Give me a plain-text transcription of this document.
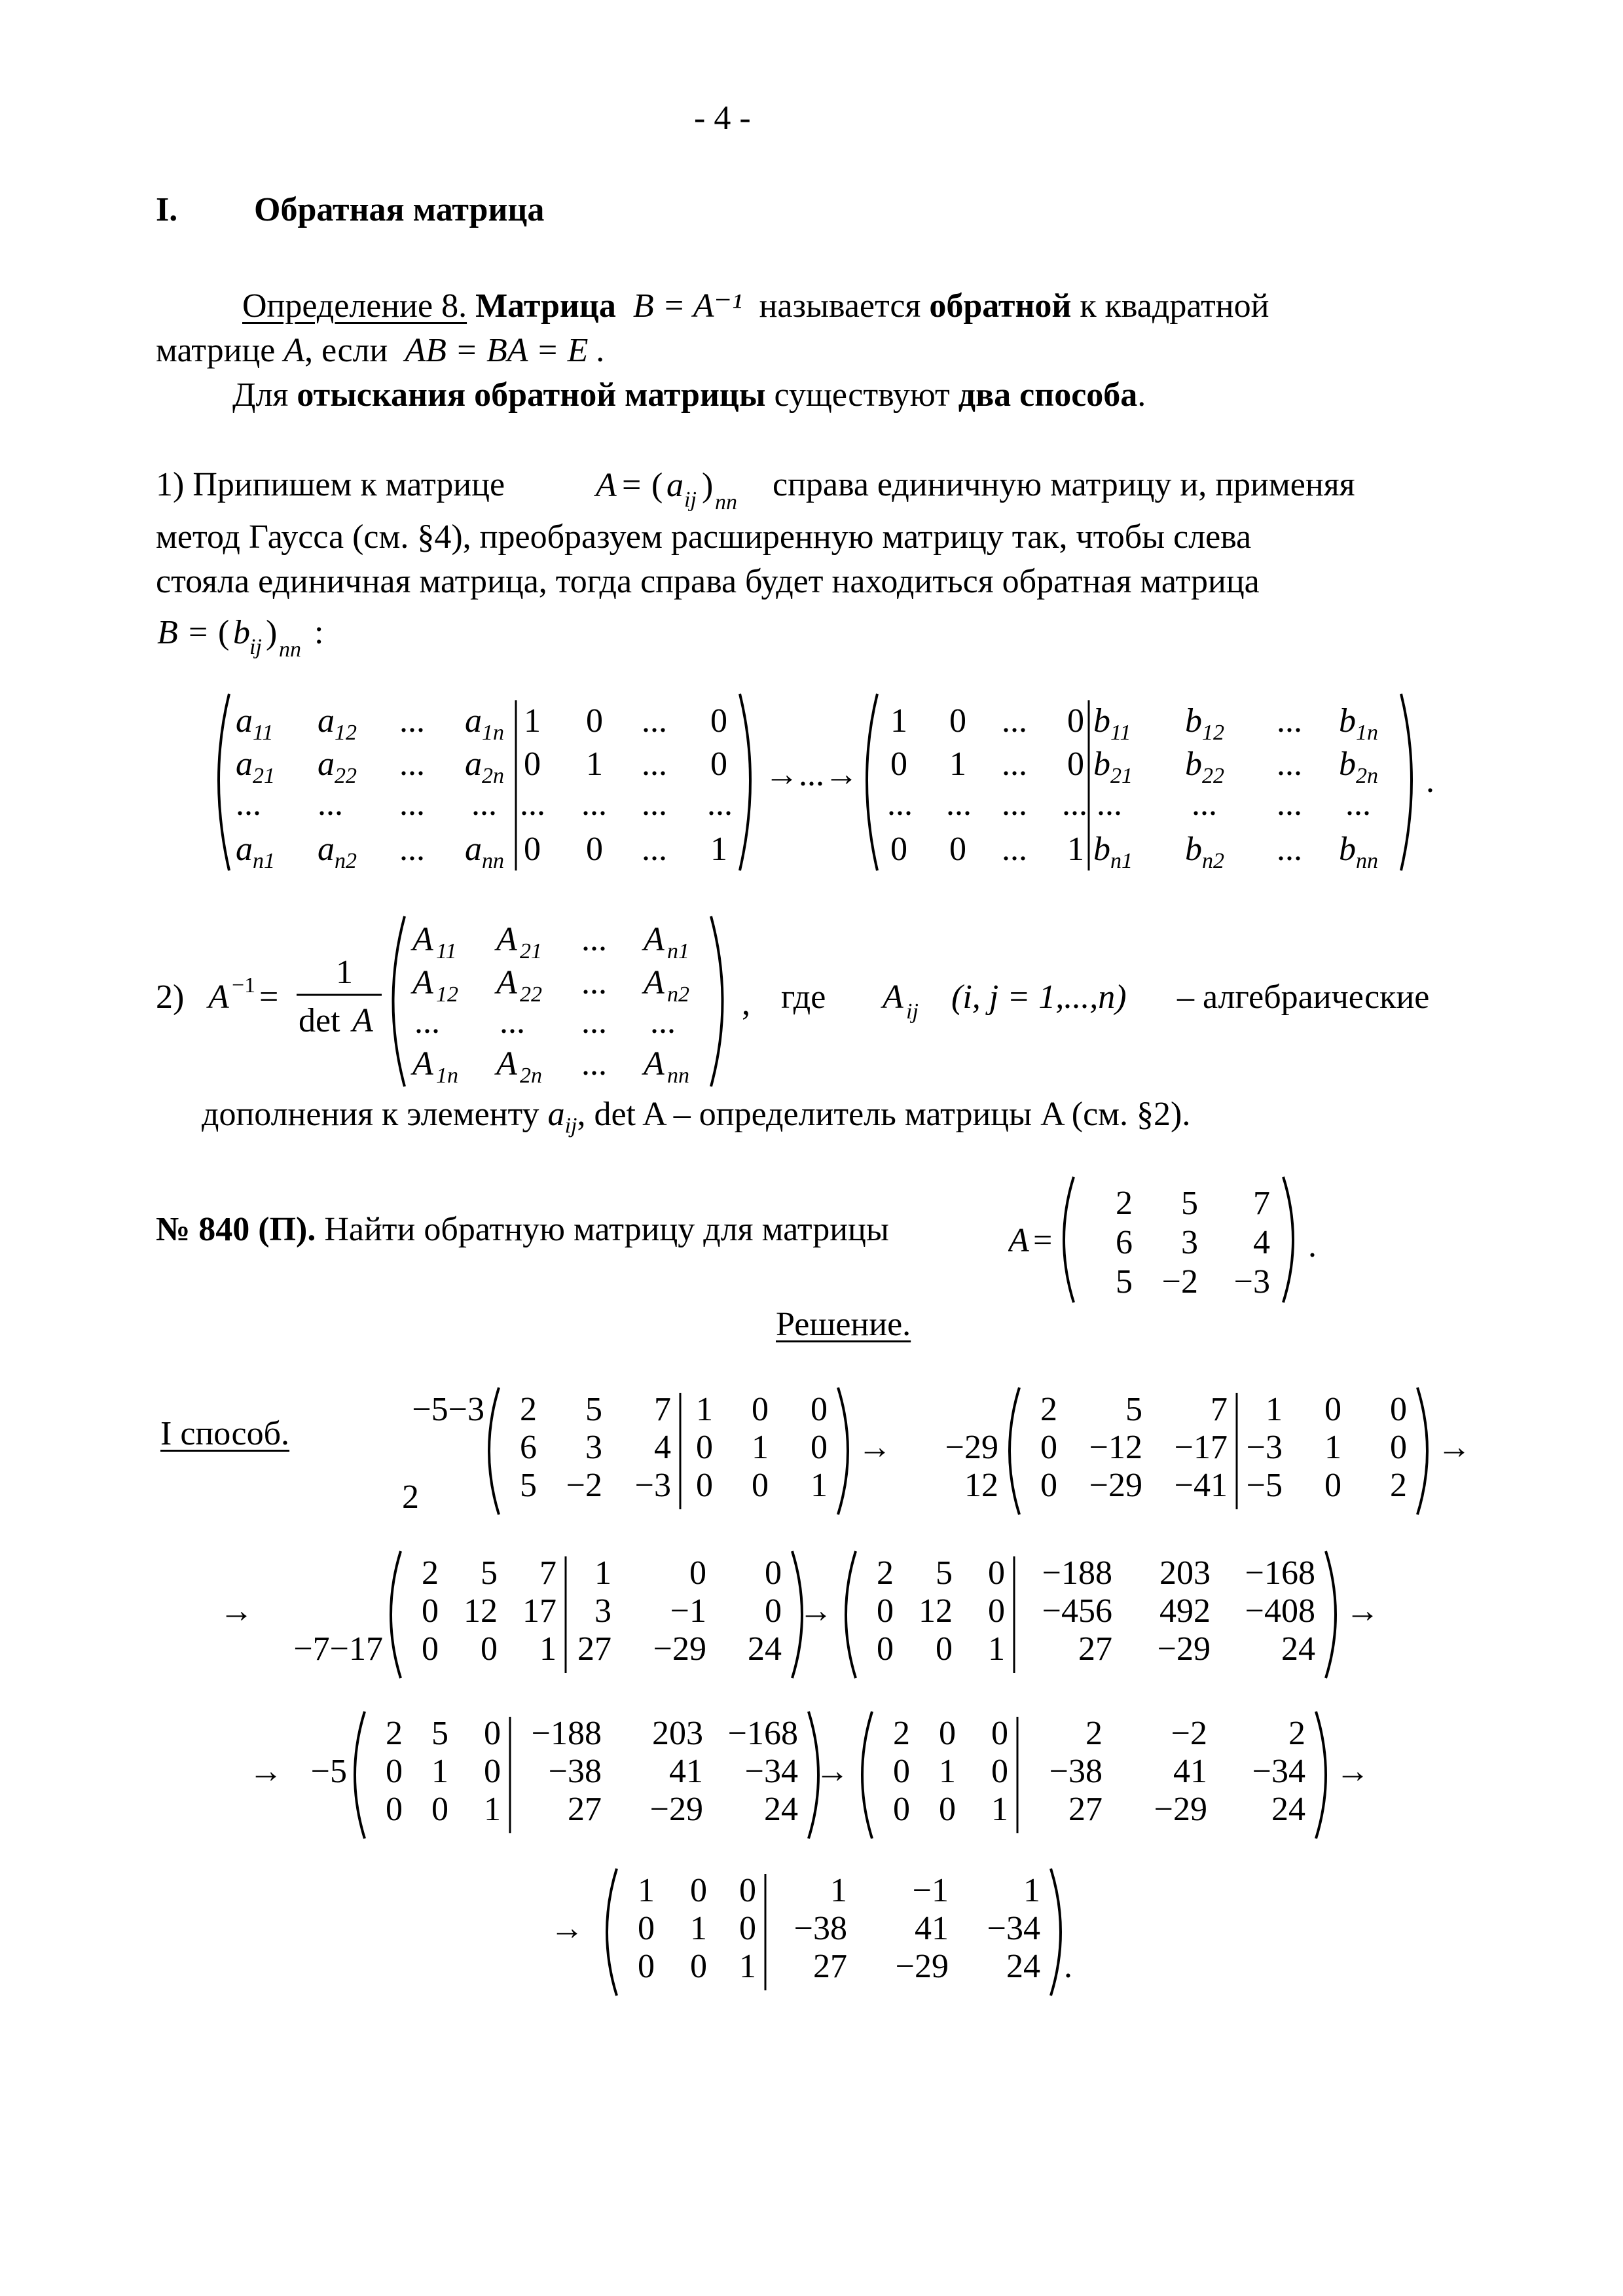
- 4 -
I. Обратная матрица
Определение 8. Матрица B = A⁻¹ называется обратной к квадратной
матрице A, если AB = BA = E .
Для отыскания обратной матрицы существуют два способа.
1) Припишем к матрице	A = ( a ij ) nn справа единичную матрицу и, применяя
метод Гаусса (см. §4), преобразуем расширенную матрицу так, чтобы слева
стояла единичная матрица, тогда справа будет находиться обратная матрица
B = ( b ij ) nn :
a 11 a 12 ... a 1n
a 21 a 22 ... a 2n
... ... ... ...
a n1 a n2 ... a nn
1 0 ... 0
0 1 ... 0
... ... ... ...
0 0 ... 1
→...→
1 0 ... 0
0 1 ... 0
... ... ... ...
0 0 ... 1
b 11 b 12 ... b 1n
b 21 b 22 ... b 2n
... ... ... ...
b n1 b n2 ... b nn
.
2) A −1 =
1
det A
A 11 A 21 ... A n1
A 12 A 22 ... A n2
... ... ... ...
A 1n A 2n ... A nn
, где A ij (i, j = 1,...,n) – алгебраические
дополнения к элементу $a_{ij}$, det A – определитель матрицы A (см. §2).
№ 840 (П). Найти обратную матрицу для матрицы	A =
2 5 7
6 3 4
5 −2 −3
.
Решение.
I способ.
−5−3
2
2 5 7
6 3 4
5 −2 −3
1 0 0
0 1 0
0 0 1
→ −29
12
2 5 7
0 −12 −17
0 −29 −41
1 0 0
−3 1 0
−5 0 2
→
→
−7−17
2 5 7
0 12 17
0 0 1
1 0 0
3 −1 0
27 −29 24
→
2 5 0
0 12 0
0 0 1
−188 203 −168
−456 492 −408
27 −29 24
→
→ −5
2 5 0
0 1 0
0 0 1
−188 203 −168
−38 41 −34
27 −29 24
→
2 0 0
0 1 0
0 0 1
2 −2 2
−38 41 −34
27 −29 24
→
→
1 0 0
0 1 0
0 0 1
1 −1 1
−38 41 −34
27 −29 24 .
